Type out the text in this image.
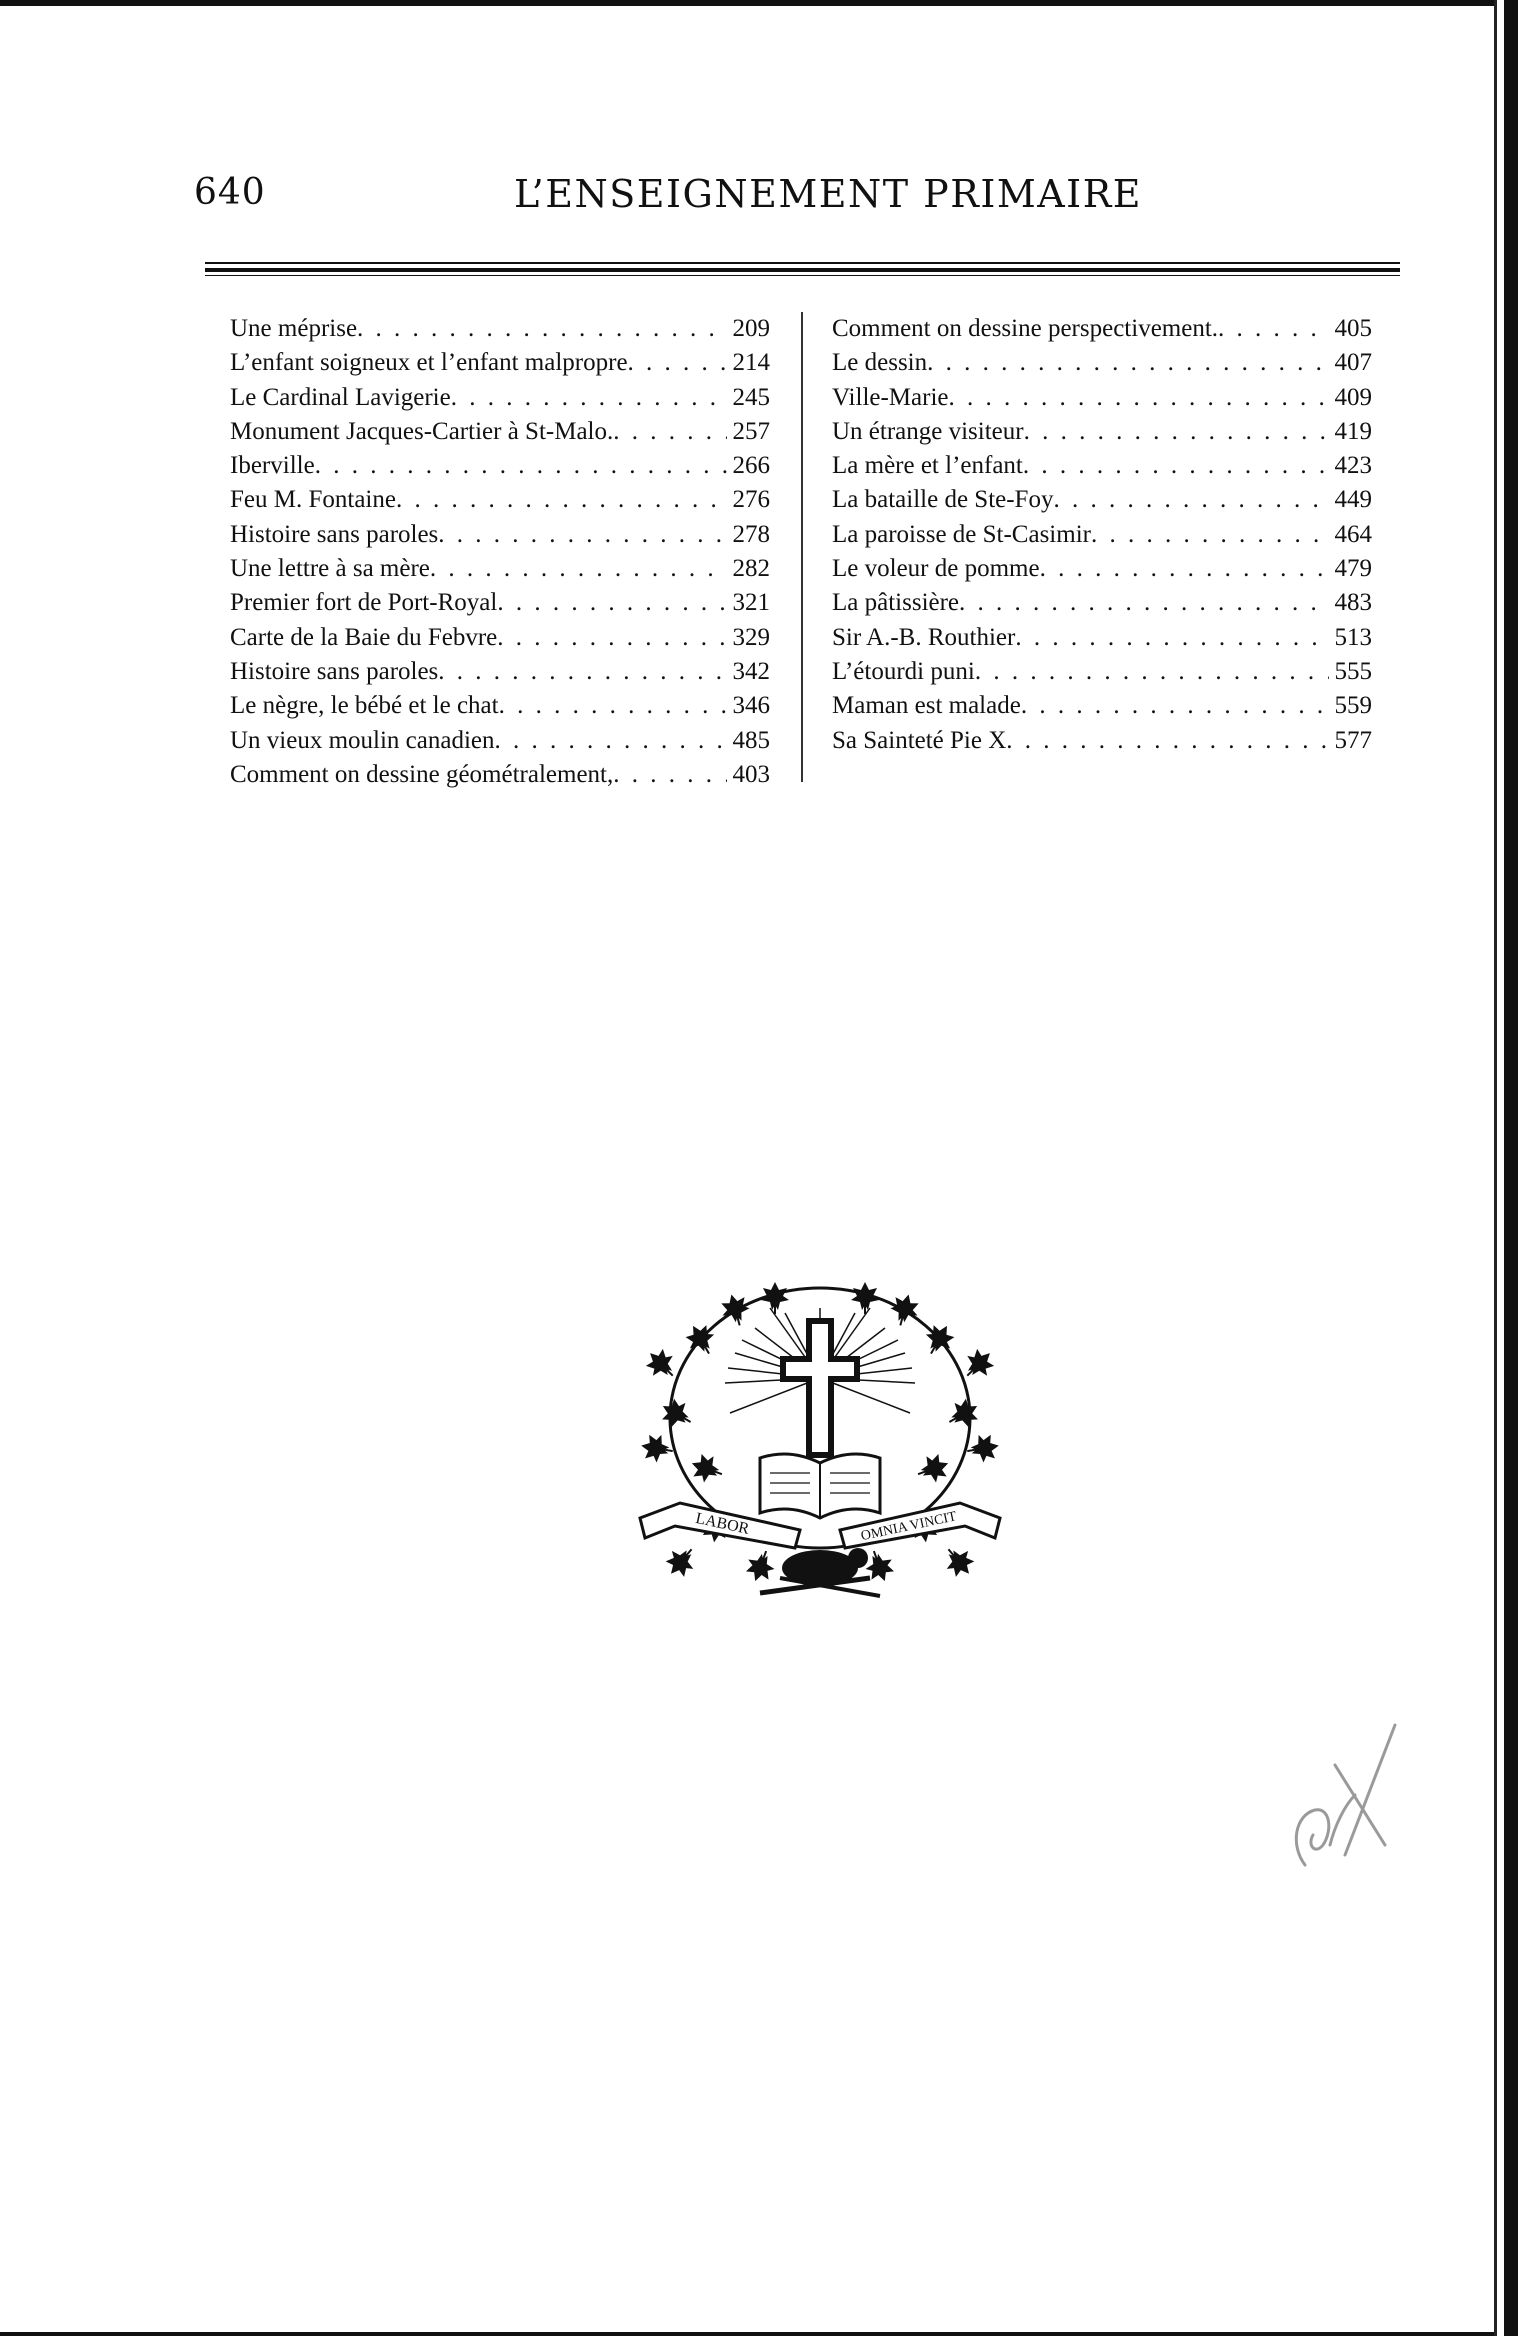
640	L’ENSEIGNEMENT PRIMAIRE
Une méprise . . .	209
L’enfant soigneux et l’enfant malpropre . . .	214
Le Cardinal Lavigerie . . .	245
Monument Jacques-Cartier à St-Malo. . . .	257
Iberville . . .	266
Feu M. Fontaine . . .	276
Histoire sans paroles . . .	278
Une lettre à sa mère . . .	282
Premier fort de Port-Royal . . .	321
Carte de la Baie du Febvre . . .	329
Histoire sans paroles . . .	342
Le nègre, le bébé et le chat . . .	346
Un vieux moulin canadien . . .	485
Comment on dessine géométralement, . . .	403
Comment on dessine perspectivement. . . .	405
Le dessin . . .	407
Ville-Marie . . .	409
Un étrange visiteur . . .	419
La mère et l’enfant . . .	423
La bataille de Ste-Foy . . .	449
La paroisse de St-Casimir . . .	464
Le voleur de pomme . . .	479
La pâtissière . . .	483
Sir A.-B. Routhier . . .	513
L’étourdi puni . . .	555
Maman est malade . . .	559
Sa Sainteté Pie X . . .	577
LABOR	OMNIA VINCIT
